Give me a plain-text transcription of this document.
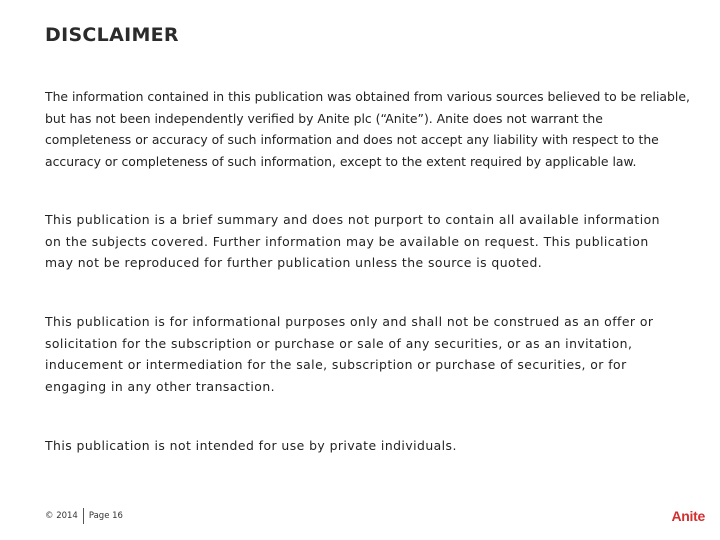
DISCLAIMER

The information contained in this publication was obtained from various sources believed to be reliable,
but has not been independently verified by Anite plc (“Anite”). Anite does not warrant the
completeness or accuracy of such information and does not accept any liability with respect to the
accuracy or completeness of such information, except to the extent required by applicable law.

This publication is a brief summary and does not purport to contain all available information
on the subjects covered. Further information may be available on request. This publication
may not be reproduced for further publication unless the source is quoted.

This publication is for informational purposes only and shall not be construed as an offer or
solicitation for the subscription or purchase or sale of any securities, or as an invitation,
inducement or intermediation for the sale, subscription or purchase of securities, or for
engaging in any other transaction.

This publication is not intended for use by private individuals.

© 2014 Page 16	Anite
